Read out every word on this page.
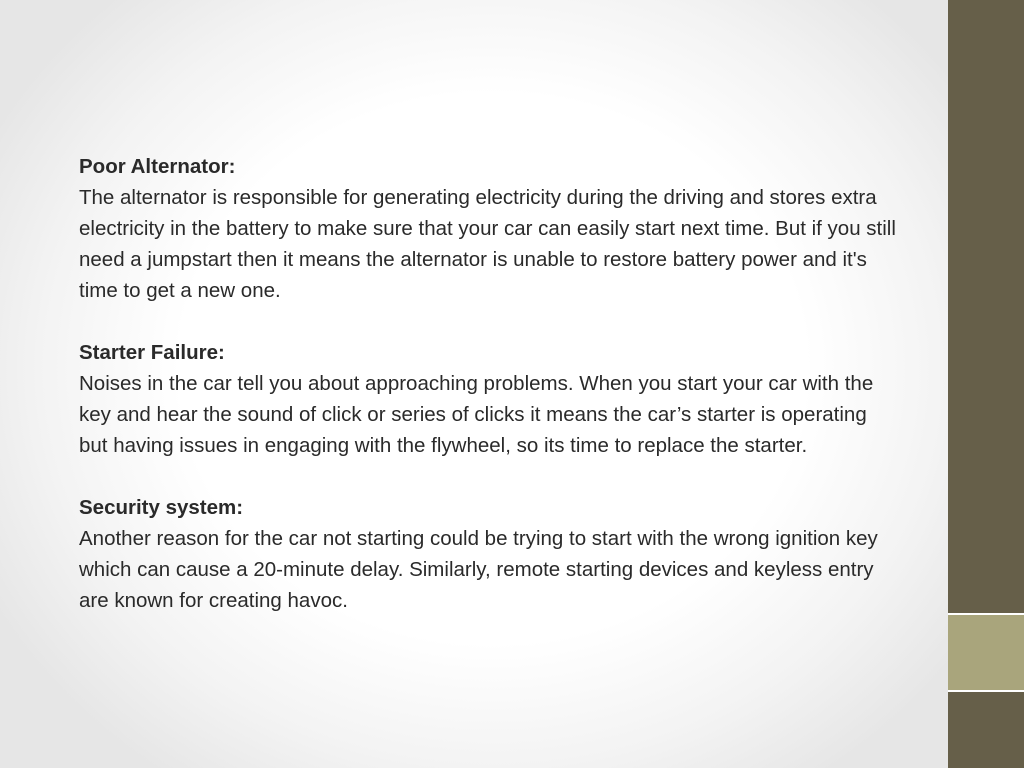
Poor Alternator:
The alternator is responsible for generating electricity during the driving and stores extra electricity in the battery to make sure that your car can easily start next time. But if you still need a jumpstart then it means the alternator is unable to restore battery power and it's time to get a new one.
Starter Failure:
Noises in the car tell you about approaching problems. When you start your car with the key and hear the sound of click or series of clicks it means the car’s starter is operating but having issues in engaging with the flywheel, so its time to replace the starter.
Security system:
Another reason for the car not starting could be trying to start with the wrong ignition key which can cause a 20-minute delay. Similarly, remote starting devices and keyless entry are known for creating havoc.
